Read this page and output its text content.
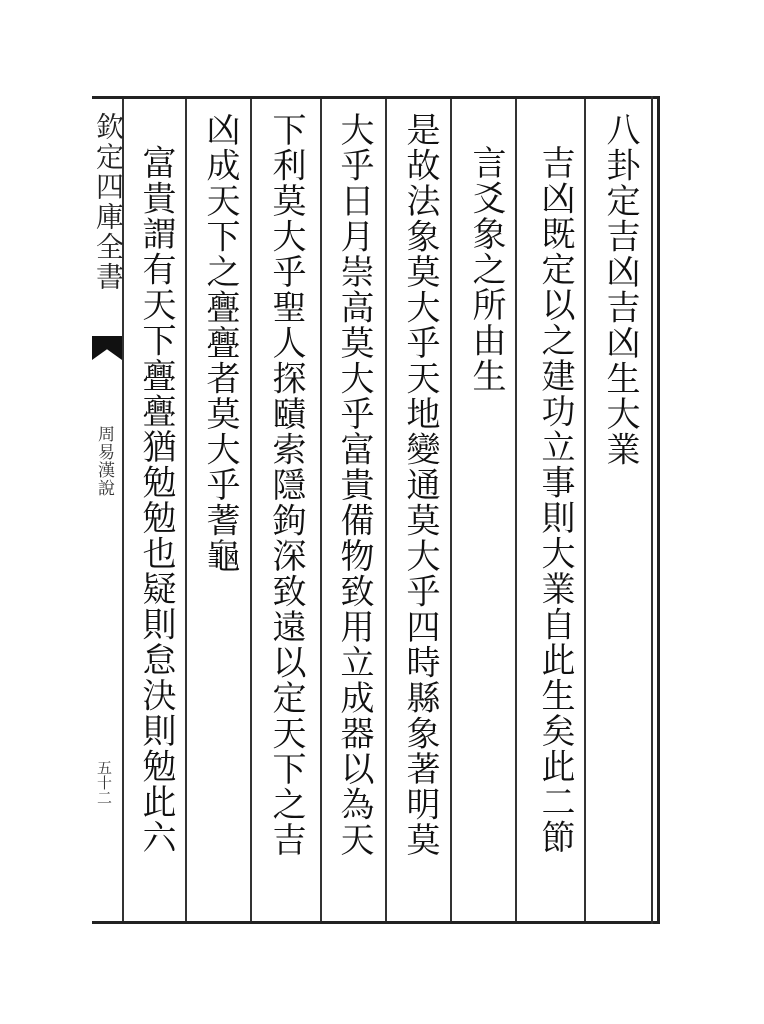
欽定四庫全書
周易漢說
五十二
八卦定吉凶吉凶生大業
吉凶既定以之建功立事則大業自此生矣此二節
言爻象之所由生
是故法象莫大乎天地變通莫大乎四時縣象著明莫
大乎日月崇高莫大乎富貴備物致用立成器以為天
下利莫大乎聖人探賾索隱鉤深致遠以定天下之吉
凶成天下之亹亹者莫大乎蓍龜
富貴謂有天下亹亹猶勉勉也疑則怠決則勉此六
